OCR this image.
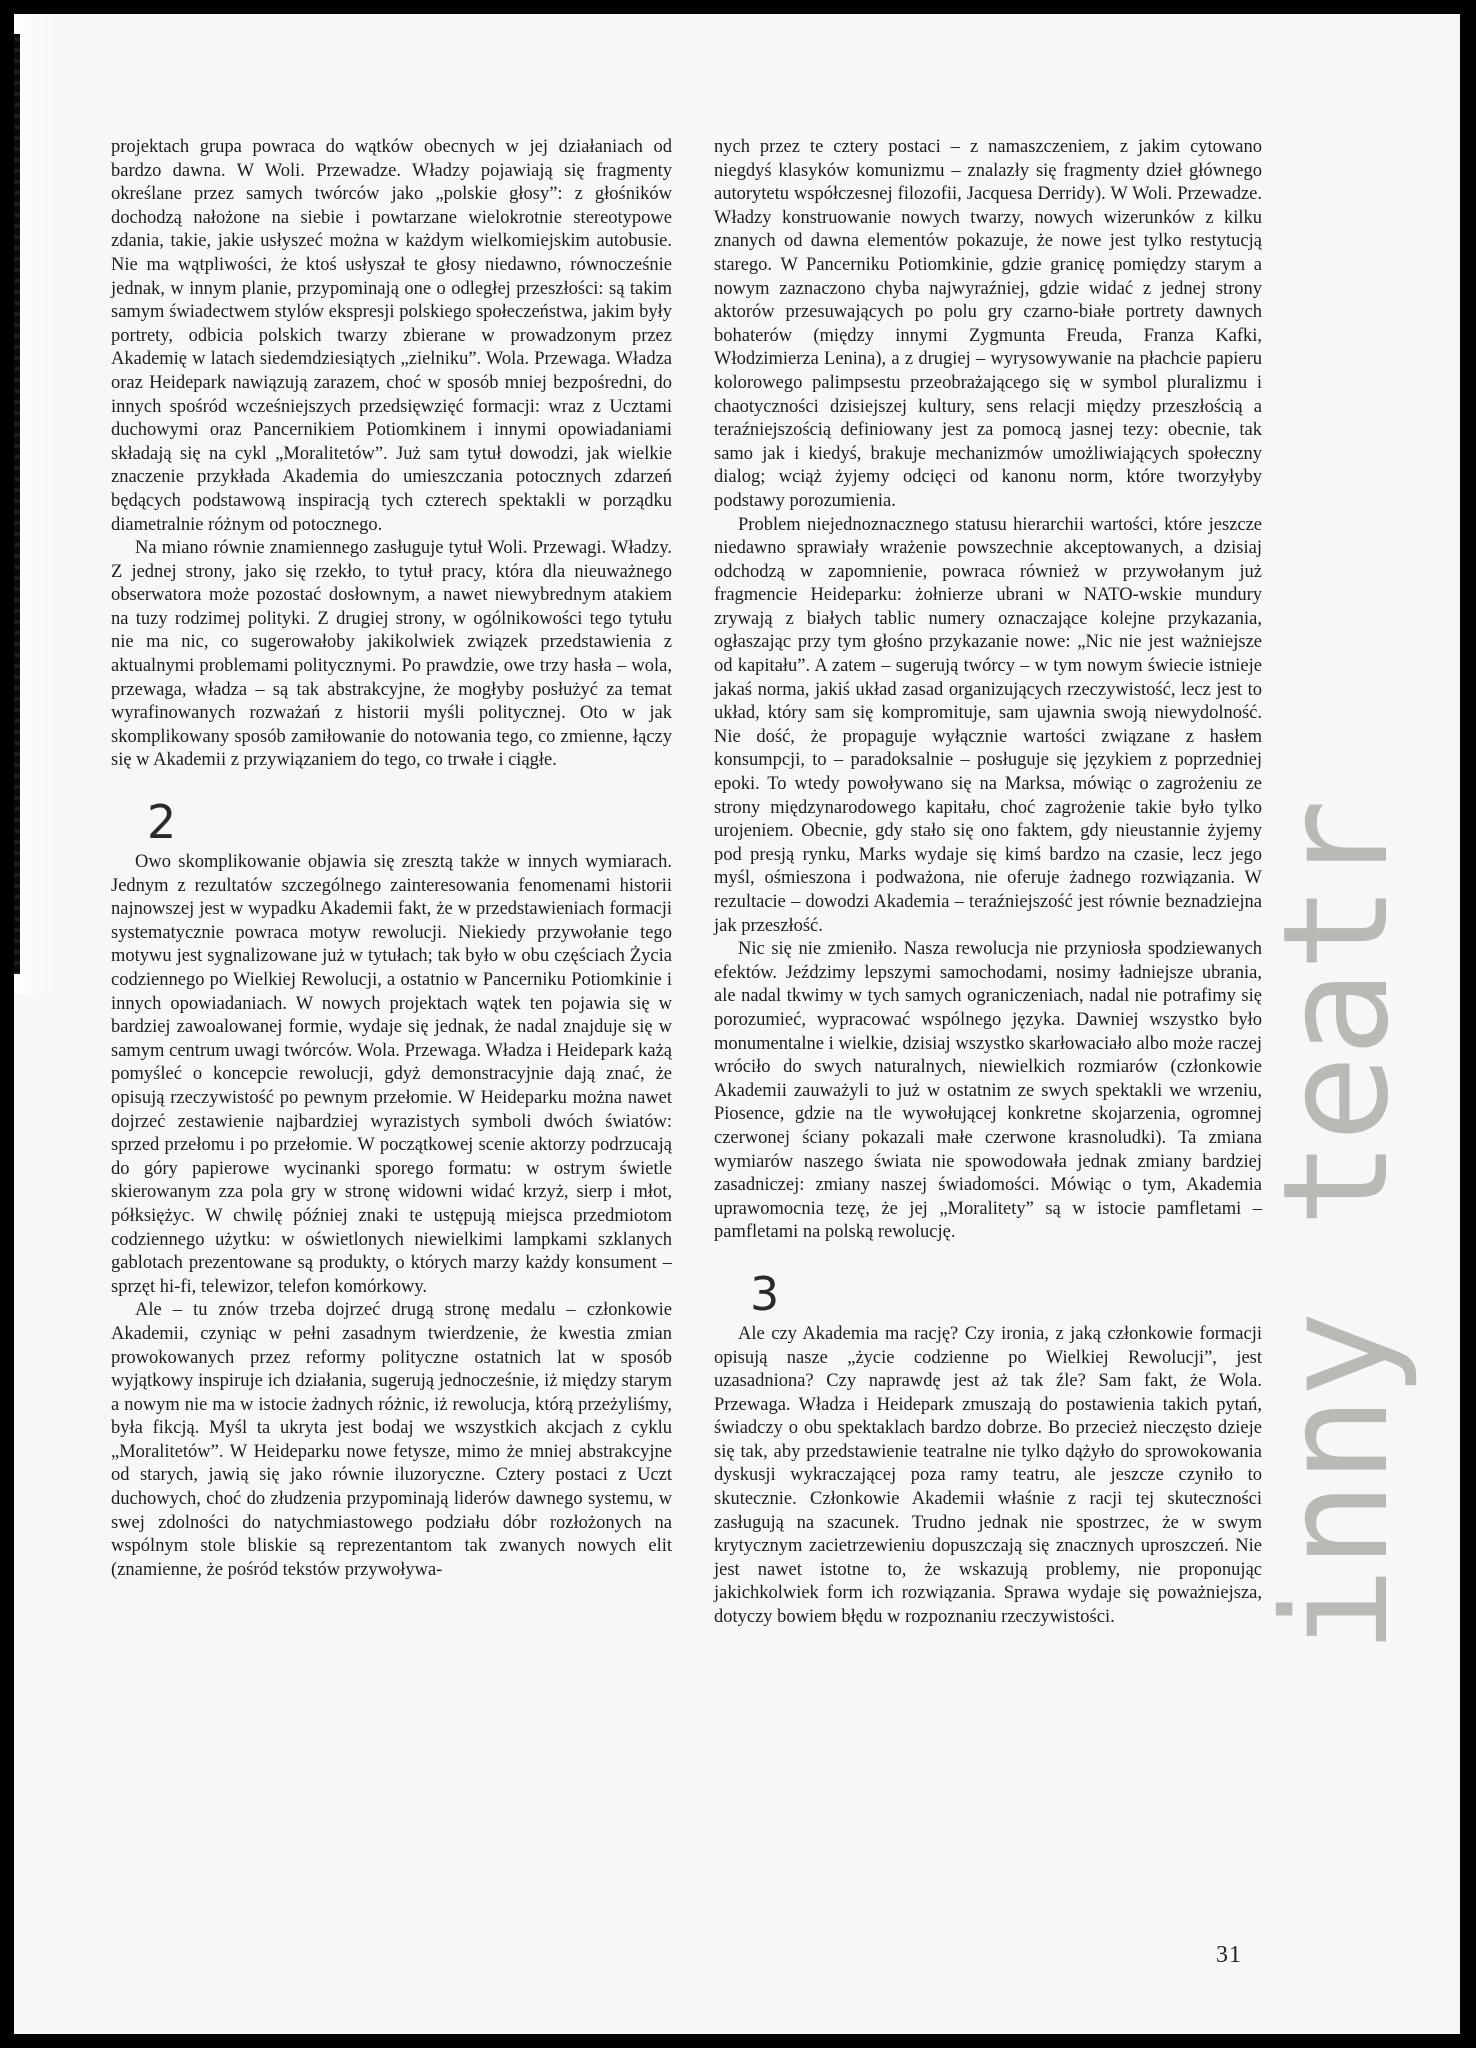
projektach grupa powraca do wątków obecnych w jej działaniach od bardzo dawna. W Woli. Przewadze. Władzy pojawiają się fragmenty określane przez samych twórców jako „polskie głosy”: z głośników dochodzą nałożone na siebie i powtarzane wielokrotnie stereotypowe zdania, takie, jakie usłyszeć można w każdym wielkomiejskim autobusie. Nie ma wątpliwości, że ktoś usłyszał te głosy niedawno, równocześnie jednak, w innym planie, przypominają one o odległej przeszłości: są takim samym świadectwem stylów ekspresji polskiego społeczeństwa, jakim były portrety, odbicia polskich twarzy zbierane w prowadzonym przez Akademię w latach siedemdziesiątych „zielniku”. Wola. Przewaga. Władza oraz Heidepark nawiązują zarazem, choć w sposób mniej bezpośredni, do innych spośród wcześniejszych przedsięwzięć formacji: wraz z Ucztami duchowymi oraz Pancernikiem Potiomkinem i innymi opowiadaniami składają się na cykl „Moralitetów”. Już sam tytuł dowodzi, jak wielkie znaczenie przykłada Akademia do umieszczania potocznych zdarzeń będących podstawową inspiracją tych czterech spektakli w porządku diametralnie różnym od potocznego.

Na miano równie znamiennego zasługuje tytuł Woli. Przewagi. Władzy. Z jednej strony, jako się rzekło, to tytuł pracy, która dla nieuważnego obserwatora może pozostać dosłownym, a nawet niewybrednym atakiem na tuzy rodzimej polityki. Z drugiej strony, w ogólnikowości tego tytułu nie ma nic, co sugerowałoby jakikolwiek związek przedstawienia z aktualnymi problemami politycznymi. Po prawdzie, owe trzy hasła – wola, przewaga, władza – są tak abstrakcyjne, że mogłyby posłużyć za temat wyrafinowanych rozważań z historii myśli politycznej. Oto w jak skomplikowany sposób zamiłowanie do notowania tego, co zmienne, łączy się w Akademii z przywiązaniem do tego, co trwałe i ciągłe.

2

Owo skomplikowanie objawia się zresztą także w innych wymiarach. Jednym z rezultatów szczególnego zainteresowania fenomenami historii najnowszej jest w wypadku Akademii fakt, że w przedstawieniach formacji systematycznie powraca motyw rewolucji. Niekiedy przywołanie tego motywu jest sygnalizowane już w tytułach; tak było w obu częściach Życia codziennego po Wielkiej Rewolucji, a ostatnio w Pancerniku Potiomkinie i innych opowiadaniach. W nowych projektach wątek ten pojawia się w bardziej zawoalowanej formie, wydaje się jednak, że nadal znajduje się w samym centrum uwagi twórców. Wola. Przewaga. Władza i Heidepark każą pomyśleć o koncepcie rewolucji, gdyż demonstracyjnie dają znać, że opisują rzeczywistość po pewnym przełomie. W Heideparku można nawet dojrzeć zestawienie najbardziej wyrazistych symboli dwóch światów: sprzed przełomu i po przełomie. W początkowej scenie aktorzy podrzucają do góry papierowe wycinanki sporego formatu: w ostrym świetle skierowanym zza pola gry w stronę widowni widać krzyż, sierp i młot, półksiężyc. W chwilę później znaki te ustępują miejsca przedmiotom codziennego użytku: w oświetlonych niewielkimi lampkami szklanych gablotach prezentowane są produkty, o których marzy każdy konsument – sprzęt hi-fi, telewizor, telefon komórkowy.

Ale – tu znów trzeba dojrzeć drugą stronę medalu – członkowie Akademii, czyniąc w pełni zasadnym twierdzenie, że kwestia zmian prowokowanych przez reformy polityczne ostatnich lat w sposób wyjątkowy inspiruje ich działania, sugerują jednocześnie, iż między starym a nowym nie ma w istocie żadnych różnic, iż rewolucja, którą przeżyliśmy, była fikcją. Myśl ta ukryta jest bodaj we wszystkich akcjach z cyklu „Moralitetów”. W Heideparku nowe fetysze, mimo że mniej abstrakcyjne od starych, jawią się jako równie iluzoryczne. Cztery postaci z Uczt duchowych, choć do złudzenia przypominają liderów dawnego systemu, w swej zdolności do natychmiastowego podziału dóbr rozłożonych na wspólnym stole bliskie są reprezentantom tak zwanych nowych elit (znamienne, że pośród tekstów przywoływa-

nych przez te cztery postaci – z namaszczeniem, z jakim cytowano niegdyś klasyków komunizmu – znalazły się fragmenty dzieł głównego autorytetu współczesnej filozofii, Jacquesa Derridy). W Woli. Przewadze. Władzy konstruowanie nowych twarzy, nowych wizerunków z kilku znanych od dawna elementów pokazuje, że nowe jest tylko restytucją starego. W Pancerniku Potiomkinie, gdzie granicę pomiędzy starym a nowym zaznaczono chyba najwyraźniej, gdzie widać z jednej strony aktorów przesuwających po polu gry czarno-białe portrety dawnych bohaterów (między innymi Zygmunta Freuda, Franza Kafki, Włodzimierza Lenina), a z drugiej – wyrysowywanie na płachcie papieru kolorowego palimpsestu przeobrażającego się w symbol pluralizmu i chaotyczności dzisiejszej kultury, sens relacji między przeszłością a teraźniejszością definiowany jest za pomocą jasnej tezy: obecnie, tak samo jak i kiedyś, brakuje mechanizmów umożliwiających społeczny dialog; wciąż żyjemy odcięci od kanonu norm, które tworzyłyby podstawy porozumienia.

Problem niejednoznacznego statusu hierarchii wartości, które jeszcze niedawno sprawiały wrażenie powszechnie akceptowanych, a dzisiaj odchodzą w zapomnienie, powraca również w przywołanym już fragmencie Heideparku: żołnierze ubrani w NATO-wskie mundury zrywają z białych tablic numery oznaczające kolejne przykazania, ogłaszając przy tym głośno przykazanie nowe: „Nic nie jest ważniejsze od kapitału”. A zatem – sugerują twórcy – w tym nowym świecie istnieje jakaś norma, jakiś układ zasad organizujących rzeczywistość, lecz jest to układ, który sam się kompromituje, sam ujawnia swoją niewydolność. Nie dość, że propaguje wyłącznie wartości związane z hasłem konsumpcji, to – paradoksalnie – posługuje się językiem z poprzedniej epoki. To wtedy powoływano się na Marksa, mówiąc o zagrożeniu ze strony międzynarodowego kapitału, choć zagrożenie takie było tylko urojeniem. Obecnie, gdy stało się ono faktem, gdy nieustannie żyjemy pod presją rynku, Marks wydaje się kimś bardzo na czasie, lecz jego myśl, ośmieszona i podważona, nie oferuje żadnego rozwiązania. W rezultacie – dowodzi Akademia – teraźniejszość jest równie beznadziejna jak przeszłość.

Nic się nie zmieniło. Nasza rewolucja nie przyniosła spodziewanych efektów. Jeździmy lepszymi samochodami, nosimy ładniejsze ubrania, ale nadal tkwimy w tych samych ograniczeniach, nadal nie potrafimy się porozumieć, wypracować wspólnego języka. Dawniej wszystko było monumentalne i wielkie, dzisiaj wszystko skarłowaciało albo może raczej wróciło do swych naturalnych, niewielkich rozmiarów (członkowie Akademii zauważyli to już w ostatnim ze swych spektakli we wrzeniu, Piosence, gdzie na tle wywołującej konkretne skojarzenia, ogromnej czerwonej ściany pokazali małe czerwone krasnoludki). Ta zmiana wymiarów naszego świata nie spowodowała jednak zmiany bardziej zasadniczej: zmiany naszej świadomości. Mówiąc o tym, Akademia uprawomocnia tezę, że jej „Moralitety” są w istocie pamfletami – pamfletami na polską rewolucję.

3

Ale czy Akademia ma rację? Czy ironia, z jaką członkowie formacji opisują nasze „życie codzienne po Wielkiej Rewolucji”, jest uzasadniona? Czy naprawdę jest aż tak źle? Sam fakt, że Wola. Przewaga. Władza i Heidepark zmuszają do postawienia takich pytań, świadczy o obu spektaklach bardzo dobrze. Bo przecież nieczęsto dzieje się tak, aby przedstawienie teatralne nie tylko dążyło do sprowokowania dyskusji wykraczającej poza ramy teatru, ale jeszcze czyniło to skutecznie. Członkowie Akademii właśnie z racji tej skuteczności zasługują na szacunek. Trudno jednak nie spostrzec, że w swym krytycznym zacietrzewieniu dopuszczają się znacznych uproszczeń. Nie jest nawet istotne to, że wskazują problemy, nie proponując jakichkolwiek form ich rozwiązania. Sprawa wydaje się poważniejsza, dotyczy bowiem błędu w rozpoznaniu rzeczywistości. inny teatr
31
